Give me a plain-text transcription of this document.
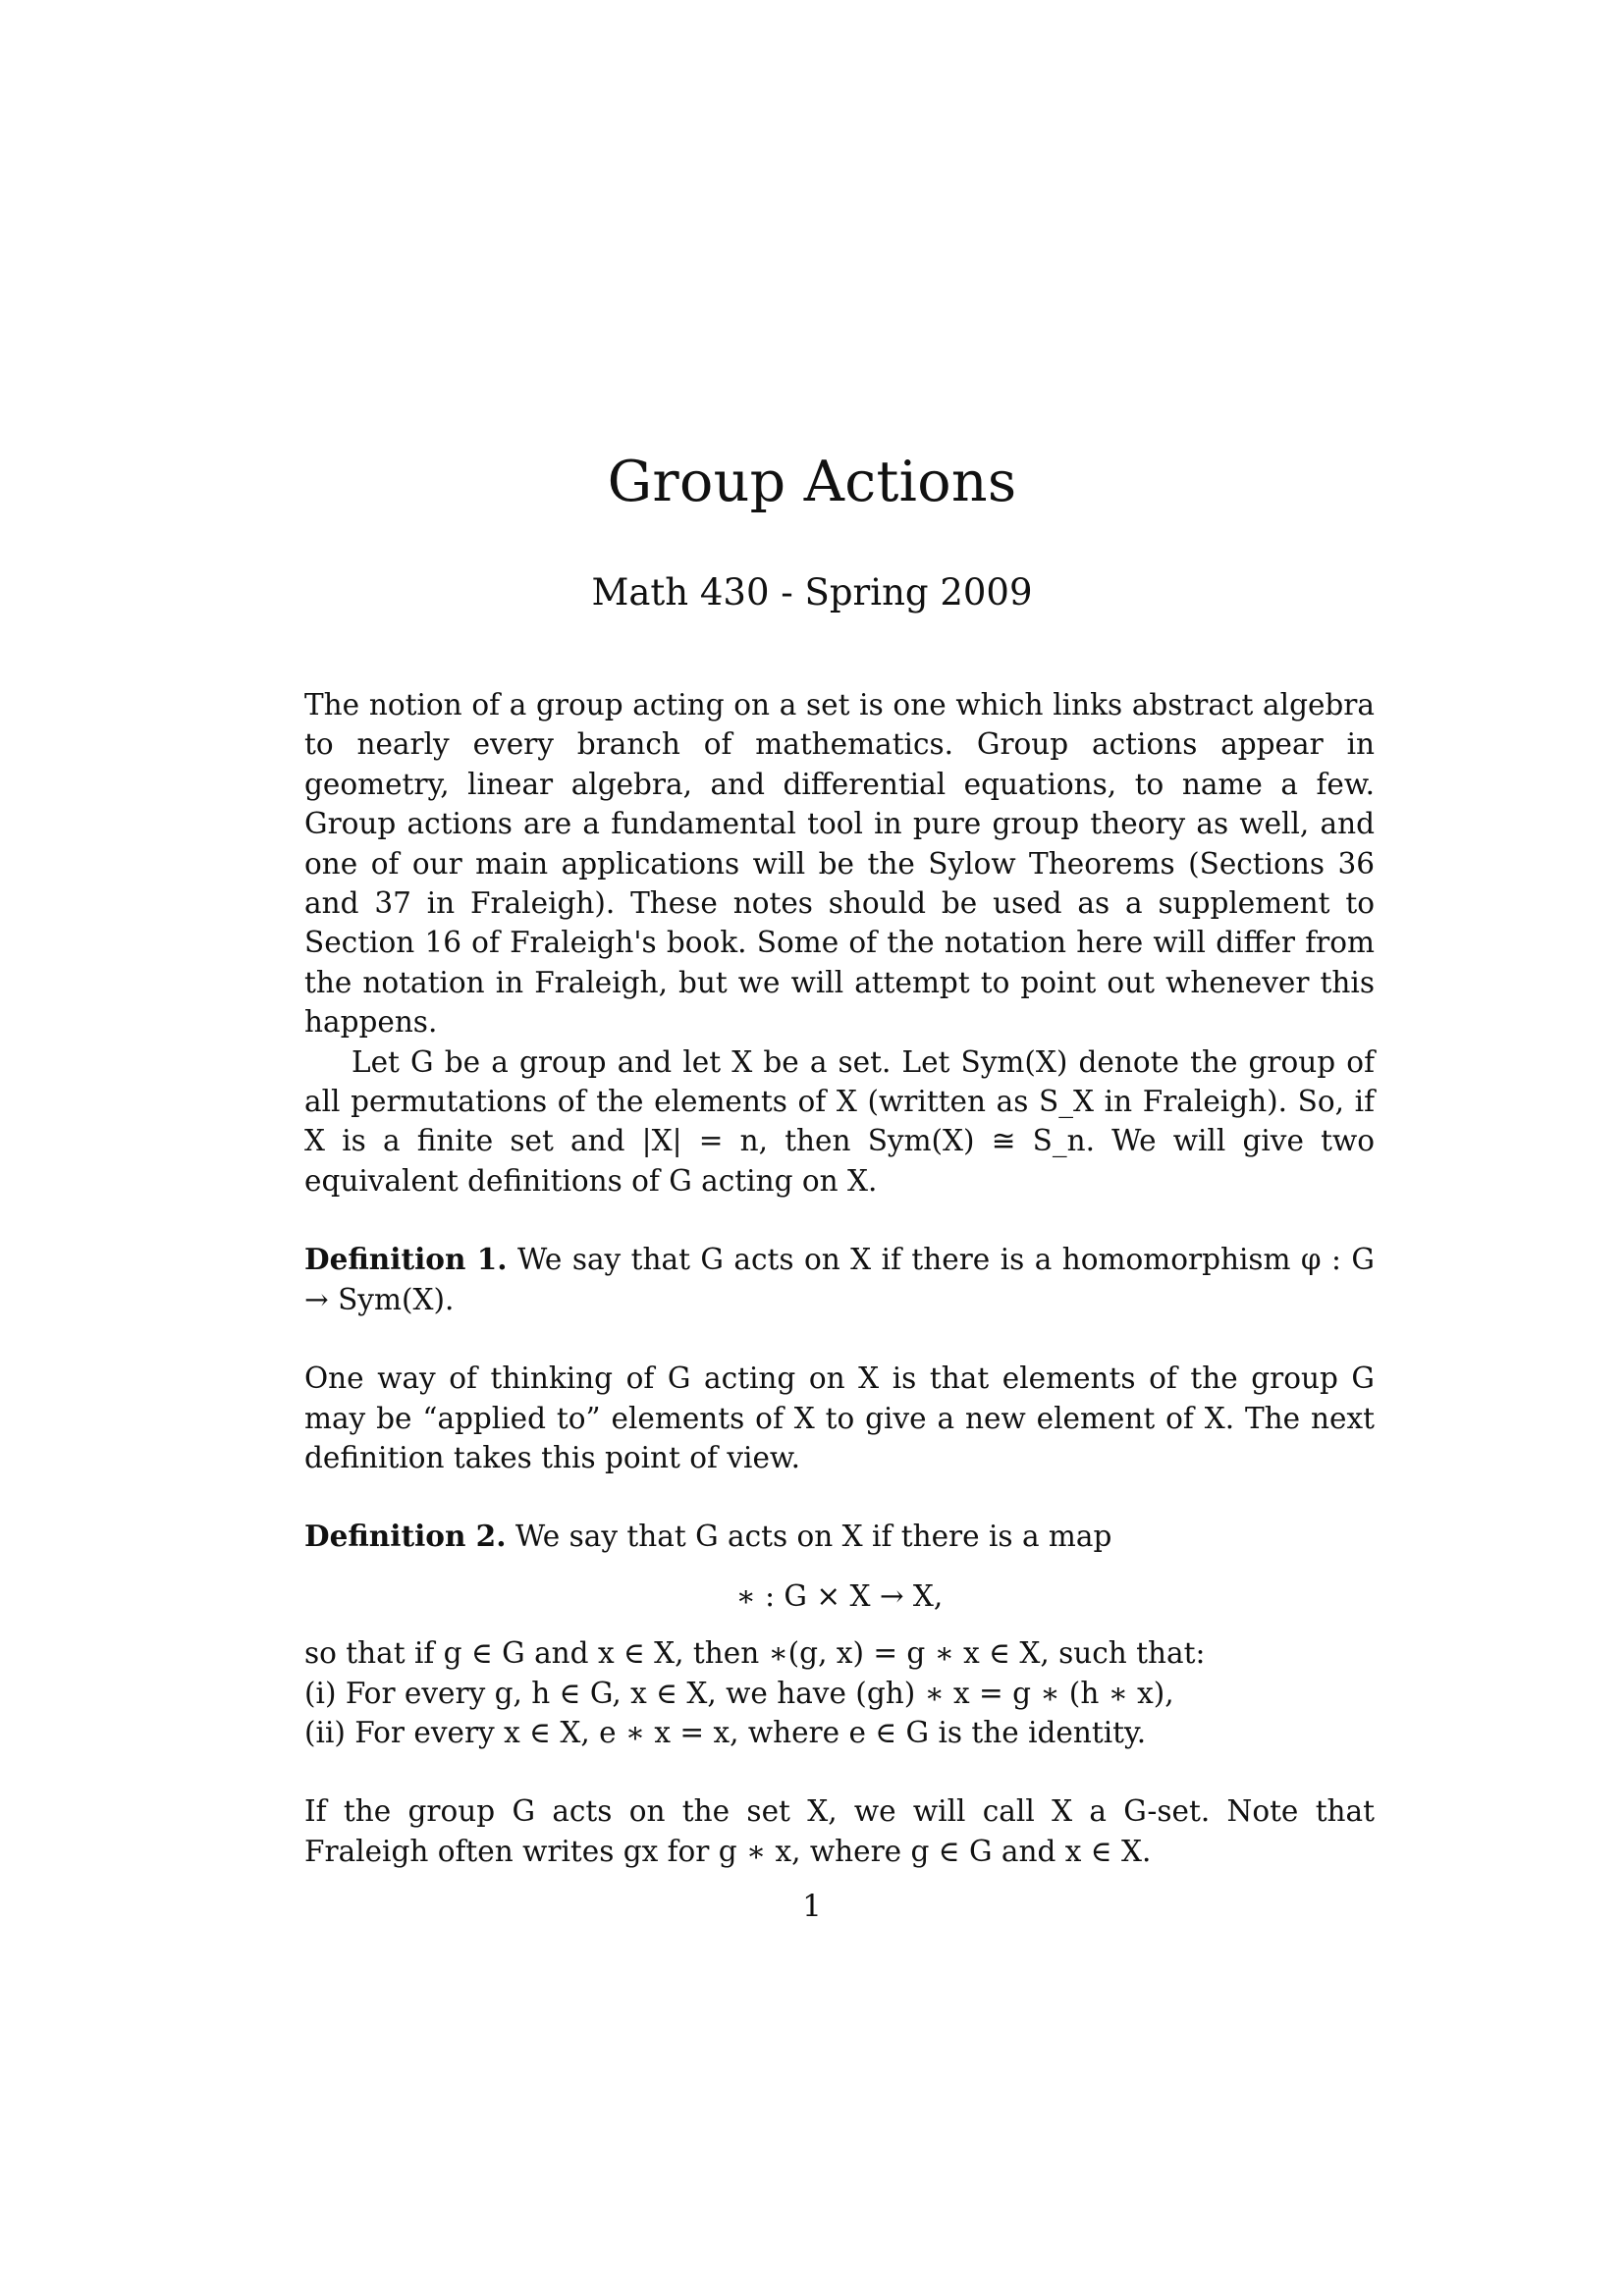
Group Actions
Math 430 - Spring 2009

The notion of a group acting on a set is one which links abstract algebra to nearly every branch of mathematics. Group actions appear in geometry, linear algebra, and differential equations, to name a few. Group actions are a fundamental tool in pure group theory as well, and one of our main applications will be the Sylow Theorems (Sections 36 and 37 in Fraleigh). These notes should be used as a supplement to Section 16 of Fraleigh's book. Some of the notation here will differ from the notation in Fraleigh, but we will attempt to point out whenever this happens.

Let G be a group and let X be a set. Let Sym(X) denote the group of all permutations of the elements of X (written as S_X in Fraleigh). So, if X is a finite set and |X| = n, then Sym(X) ≅ S_n. We will give two equivalent definitions of G acting on X.

Definition 1. We say that G acts on X if there is a homomorphism φ : G → Sym(X).

One way of thinking of G acting on X is that elements of the group G may be “applied to” elements of X to give a new element of X. The next definition takes this point of view.

Definition 2. We say that G acts on X if there is a map

∗ : G × X → X,

so that if g ∈ G and x ∈ X, then ∗(g, x) = g ∗ x ∈ X, such that:

(i) For every g, h ∈ G, x ∈ X, we have (gh) ∗ x = g ∗ (h ∗ x),

(ii) For every x ∈ X, e ∗ x = x, where e ∈ G is the identity.

If the group G acts on the set X, we will call X a G-set. Note that Fraleigh often writes gx for g ∗ x, where g ∈ G and x ∈ X.

1
